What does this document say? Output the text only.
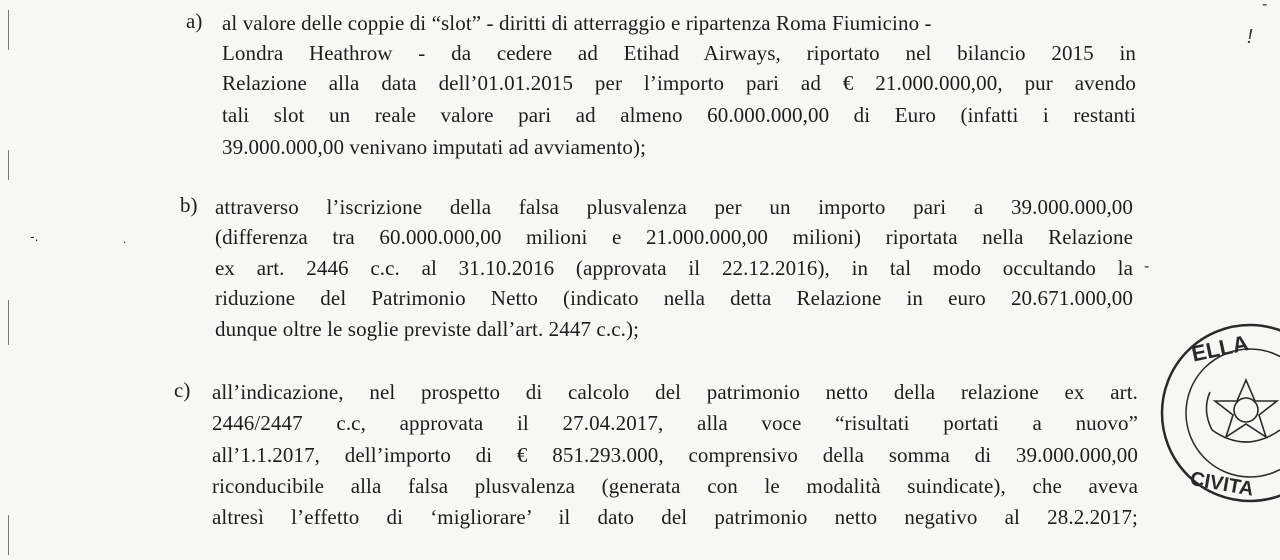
!
-
-.	.
-
a) al valore delle coppie di “slot” - diritti di atterraggio e ripartenza Roma Fiumicino -
Londra Heathrow - da cedere ad Etihad Airways, riportato nel bilancio 2015 in
Relazione alla data dell’01.01.2015 per l’importo pari ad € 21.000.000,00, pur avendo
tali slot un reale valore pari ad almeno 60.000.000,00 di Euro (infatti i restanti
39.000.000,00 venivano imputati ad avviamento);
b) attraverso l’iscrizione della falsa plusvalenza per un importo pari a 39.000.000,00
(differenza tra 60.000.000,00 milioni e 21.000.000,00 milioni) riportata nella Relazione
ex art. 2446 c.c. al 31.10.2016 (approvata il 22.12.2016), in tal modo occultando la
riduzione del Patrimonio Netto (indicato nella detta Relazione in euro 20.671.000,00
dunque oltre le soglie previste dall’art. 2447 c.c.);
c) all’indicazione, nel prospetto di calcolo del patrimonio netto della relazione ex art.
2446/2447 c.c, approvata il 27.04.2017, alla voce “risultati portati a nuovo”
all’1.1.2017, dell’importo di € 851.293.000, comprensivo della somma di 39.000.000,00
riconducibile alla falsa plusvalenza (generata con le modalità suindicate), che aveva
altresì l’effetto di ‘migliorare’ il dato del patrimonio netto negativo al 28.2.2017;
ELLA
CIVITA
